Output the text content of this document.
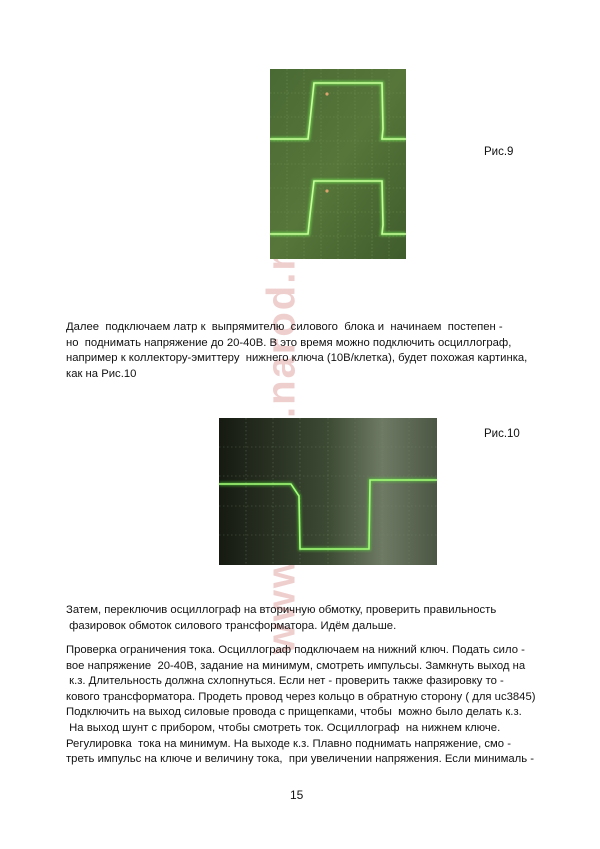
Рис.9
Далее  подключаем латр к  выпрямителю  силового  блока и  начинаем  постепен -
но  поднимать напряжение до 20-40В. В это время можно подключить осциллограф,
например к коллектору-эмиттеру  нижнего ключа (10В/клетка), будет похожая картинка,
как на Рис.10
Рис.10
Затем, переключив осциллограф на вторичную обмотку, проверить правильность
фазировок обмоток силового трансформатора. Идём дальше.
Проверка ограничения тока. Осциллограф подключаем на нижний ключ. Подать сило -
вое напряжение  20-40В, задание на минимум, смотреть импульсы. Замкнуть выход на
к.з. Длительность должна схлопнуться. Если нет - проверить также фазировку то -
кового трансформатора. Продеть провод через кольцо в обратную сторону ( для uc3845)
Подключить на выход силовые провода с прищепками, чтобы  можно было делать к.з.
На выход шунт с прибором, чтобы смотреть ток. Осциллограф  на нижнем ключе.
Регулировка  тока на минимум. На выходе к.з. Плавно поднимать напряжение, смо -
треть импульс на ключе и величину тока,  при увеличении напряжения. Если минималь -
15
